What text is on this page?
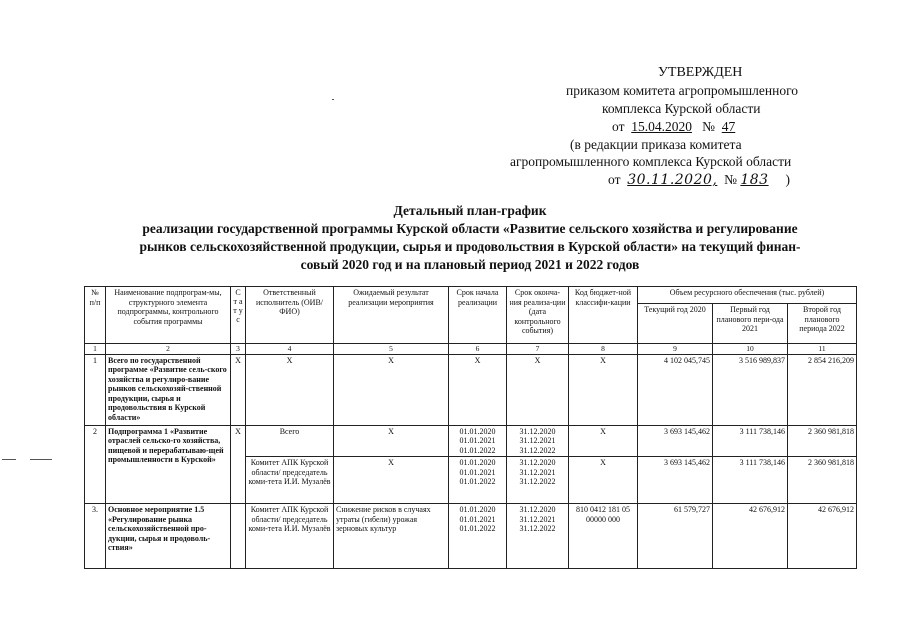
УТВЕРЖДЕН
приказом комитета агропромышленного
комплекса Курской области
от 15.04.2020 № 47
(в редакции приказа комитета
агропромышленного комплекса Курской области
от 30.11.2020, № 183 )
Детальный план-график
реализации государственной программы Курской области «Развитие сельского хозяйства и регулирование
рынков сельскохозяйственной продукции, сырья и продовольствия в Курской области» на текущий финан-
совый 2020 год и на плановый период 2021 и 2022 годов
№ п/п	Наименование подпрограм-мы, структурного элемента подпрограммы, контрольного события программы	С т а т у с	Ответственный исполнитель (ОИВ/ФИО)	Ожидаемый результат реализации мероприятия	Срок начала реализации	Срок оконча-ния реализа-ции (дата контрольного события)	Код бюджет-ной классифи-кации	Объем ресурсного обеспечения (тыс. рублей)		
								Текущий год 2020	Первый год планового пери-ода 2021	Второй год планового периода 2022
1	2	3	4	5	6	7	8	9	10	11
1	Всего по государственной программе «Развитие сель-ского хозяйства и регулиро-вание рынков сельскохозяй-ственной продукции, сырья и продовольствия в Курской области»	Х	Х	Х	Х	Х	Х	4 102 045,745	3 516 989,837	2 854 216,209
2	Подпрограмма 1 «Развитие отраслей сельско-го хозяйства, пищевой и перерабатываю-щей промышленности в Курской»	Х	Всего	Х	01.01.2020 01.01.2021 01.01.2022	31.12.2020 31.12.2021 31.12.2022	Х	3 693 145,462	3 111 738,146	2 360 981,818
			Комитет АПК Курской области/ председатель коми-тета И.И. Музалёв	Х	01.01.2020 01.01.2021 01.01.2022	31.12.2020 31.12.2021 31.12.2022	Х	3 693 145,462	3 111 738,146	2 360 981,818
3.	Основное мероприятие 1.5 «Регулирование рынка сельскохозяйственной про-дукции, сырья и продоволь-ствия»		Комитет АПК Курской области/ председатель коми-тета И.И. Музалёв	Снижение рисков в случаях утраты (гибели) урожая зерновых культур	01.01.2020 01.01.2021 01.01.2022	31.12.2020 31.12.2021 31.12.2022	810 0412 181 05 00000 000	61 579,727	42 676,912	42 676,912
